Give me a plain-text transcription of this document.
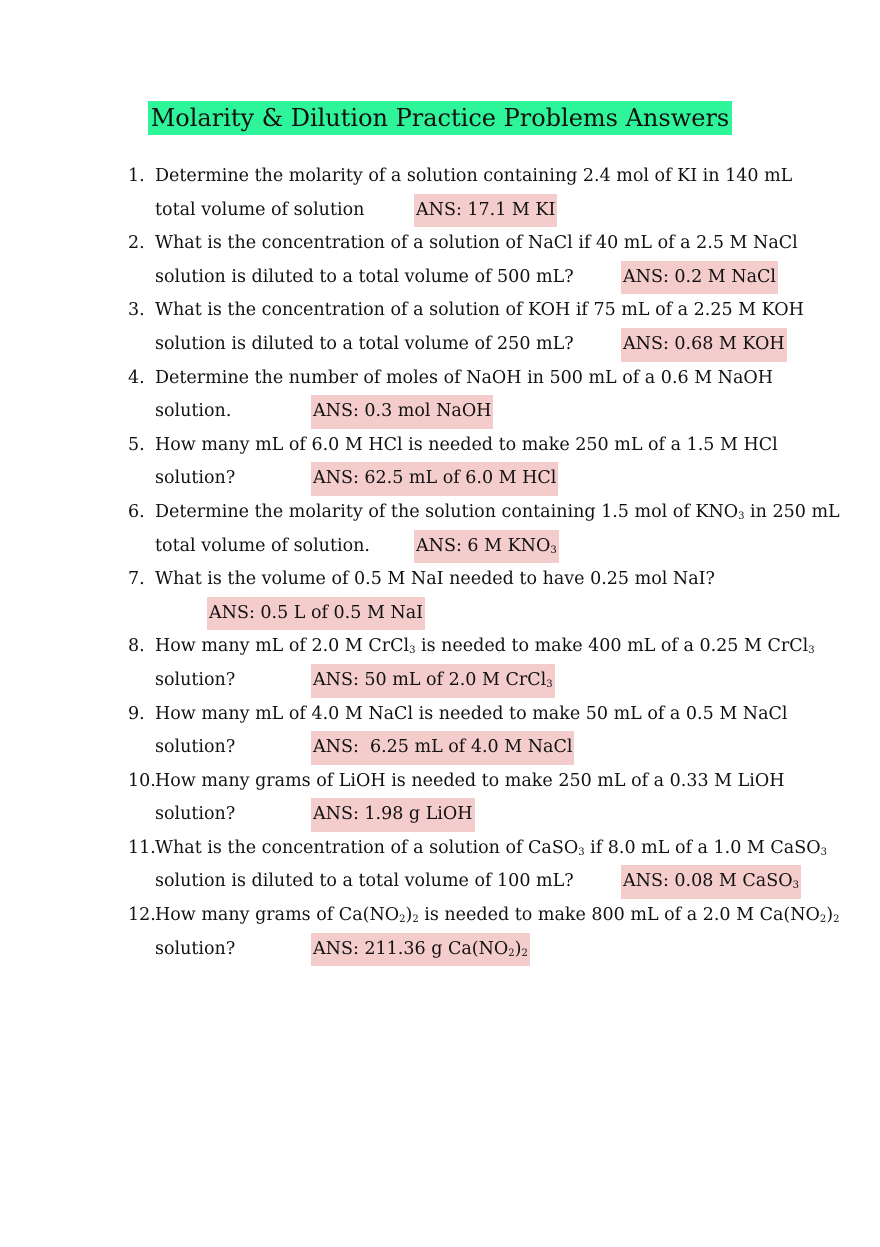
Molarity & Dilution Practice Problems Answers
1. Determine the molarity of a solution containing 2.4 mol of KI in 140 mL
total volume of solution	ANS: 17.1 M KI
2. What is the concentration of a solution of NaCl if 40 mL of a 2.5 M NaCl
solution is diluted to a total volume of 500 mL?	ANS: 0.2 M NaCl
3. What is the concentration of a solution of KOH if 75 mL of a 2.25 M KOH
solution is diluted to a total volume of 250 mL?	ANS: 0.68 M KOH
4. Determine the number of moles of NaOH in 500 mL of a 0.6 M NaOH
solution.	ANS: 0.3 mol NaOH
5. How many mL of 6.0 M HCl is needed to make 250 mL of a 1.5 M HCl
solution?	ANS: 62.5 mL of 6.0 M HCl
6. Determine the molarity of the solution containing 1.5 mol of $KNO_3$ in 250 mL
total volume of solution.	ANS: 6 M $KNO_3$
7. What is the volume of 0.5 M NaI needed to have 0.25 mol NaI?
ANS: 0.5 L of 0.5 M NaI
8. How many mL of 2.0 M CrCl$_3$ is needed to make 400 mL of a 0.25 M CrCl$_3$
solution?	ANS: 50 mL of 2.0 M CrCl$_3$
9. How many mL of 4.0 M NaCl is needed to make 50 mL of a 0.5 M NaCl
solution?	ANS:  6.25 mL of 4.0 M NaCl
10. How many grams of LiOH is needed to make 250 mL of a 0.33 M LiOH
solution?	ANS: 1.98 g LiOH
11. What is the concentration of a solution of CaSO$_3$ if 8.0 mL of a 1.0 M CaSO$_3$
solution is diluted to a total volume of 100 mL?	ANS: 0.08 M CaSO$_3$
12. How many grams of $Ca(NO_2)_2$ is needed to make 800 mL of a 2.0 M $Ca(NO_2)_2$
solution?	ANS: 211.36 g $Ca(NO_2)_2$
